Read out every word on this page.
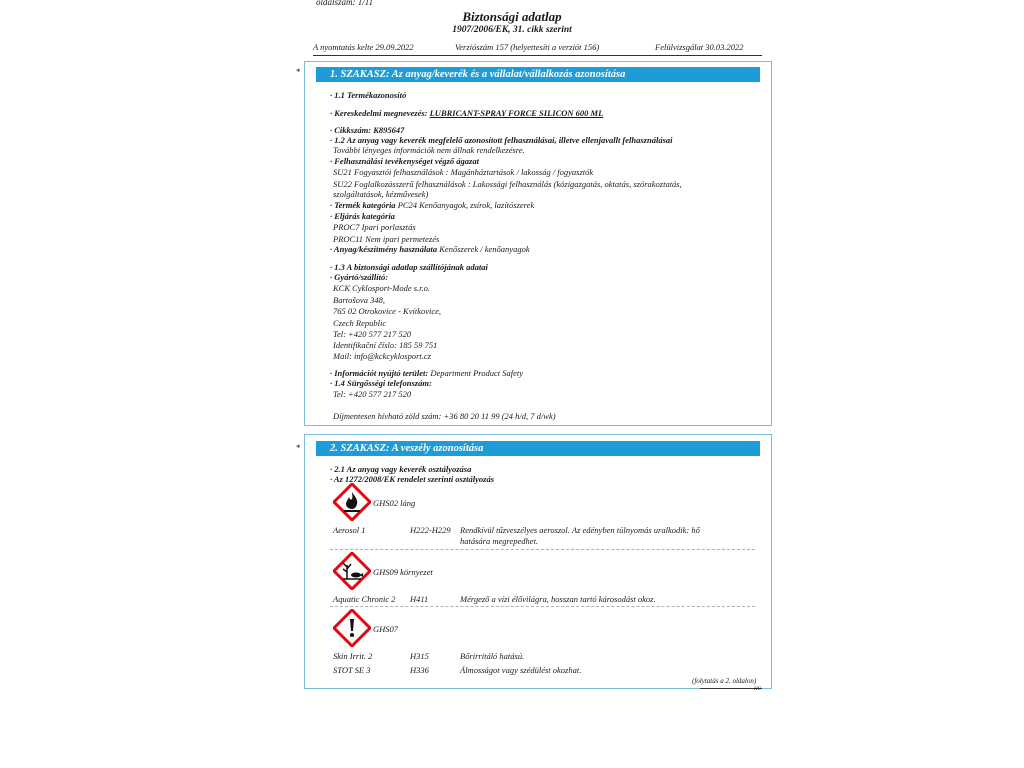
oldalszám: 1/11
Biztonsági adatlap
1907/2006/EK, 31. cikk szerint
A nyomtatás kelte 29.09.2022	Verziószám 157 (helyettesíti a verziót 156)	Felülvizsgálat 30.03.2022
*	1. SZAKASZ: Az anyag/keverék és a vállalat/vállalkozás azonosítása
· 1.1 Termékazonosító
· Kereskedelmi megnevezés: LUBRICANT-SPRAY FORCE SILICON 600 ML
· Cikkszám: K895647
· 1.2 Az anyag vagy keverék megfelelő azonosított felhasználásai, illetve ellenjavallt felhasználásai
További lényeges információk nem állnak rendelkezésre.
· Felhasználási tevékenységet végző ágazat
SU21 Fogyasztói felhasználások : Magánháztartások / lakosság / fogyasztók
SU22 Foglalkozásszerű felhasználások : Lakossági felhasználás (közigazgatás, oktatás, szórakoztatás,
szolgáltatások, kézművesek)
· Termék kategória PC24 Kenőanyagok, zsírok, lazítószerek
· Eljárás kategória
PROC7 Ipari porlasztás
PROC11 Nem ipari permetezés
· Anyag/készítmény használata Kenőszerek / kenőanyagok
· 1.3 A biztonsági adatlap szállítójának adatai
· Gyártó/szállító:
KCK Cyklosport-Mode s.r.o.
Bartošova 348,
765 02 Otrokovice - Kvítkovice,
Czech Republic
Tel: +420 577 217 520
Identifikační číslo: 185 59 751
Mail: info@kckcyklosport.cz
· Információt nyújtó terület: Department Product Safety
· 1.4 Sürgősségi telefonszám:
Tel: +420 577 217 520
Díjmentesen hívható zöld szám: +36 80 20 11 99 (24 h/d, 7 d/wk)
*	2. SZAKASZ: A veszély azonosítása
· 2.1 Az anyag vagy keverék osztályozása
· Az 1272/2008/EK rendelet szerinti osztályozás
GHS02 láng
Aerosol 1	H222-H229 Rendkívül tűzveszélyes aeroszol. Az edényben túlnyomás uralkodik: hő
hatására megrepedhet.
GHS09 környezet
Aquatic Chronic 2 H411	Mérgező a vízi élővilágra, hosszan tartó károsodást okoz.
GHS07
Skin Irrit. 2	H315	Bőrirritáló hatású.
STOT SE 3	H336	Álmosságot vagy szédülést okozhat.
(folytatás a 2. oldalon)
HU
